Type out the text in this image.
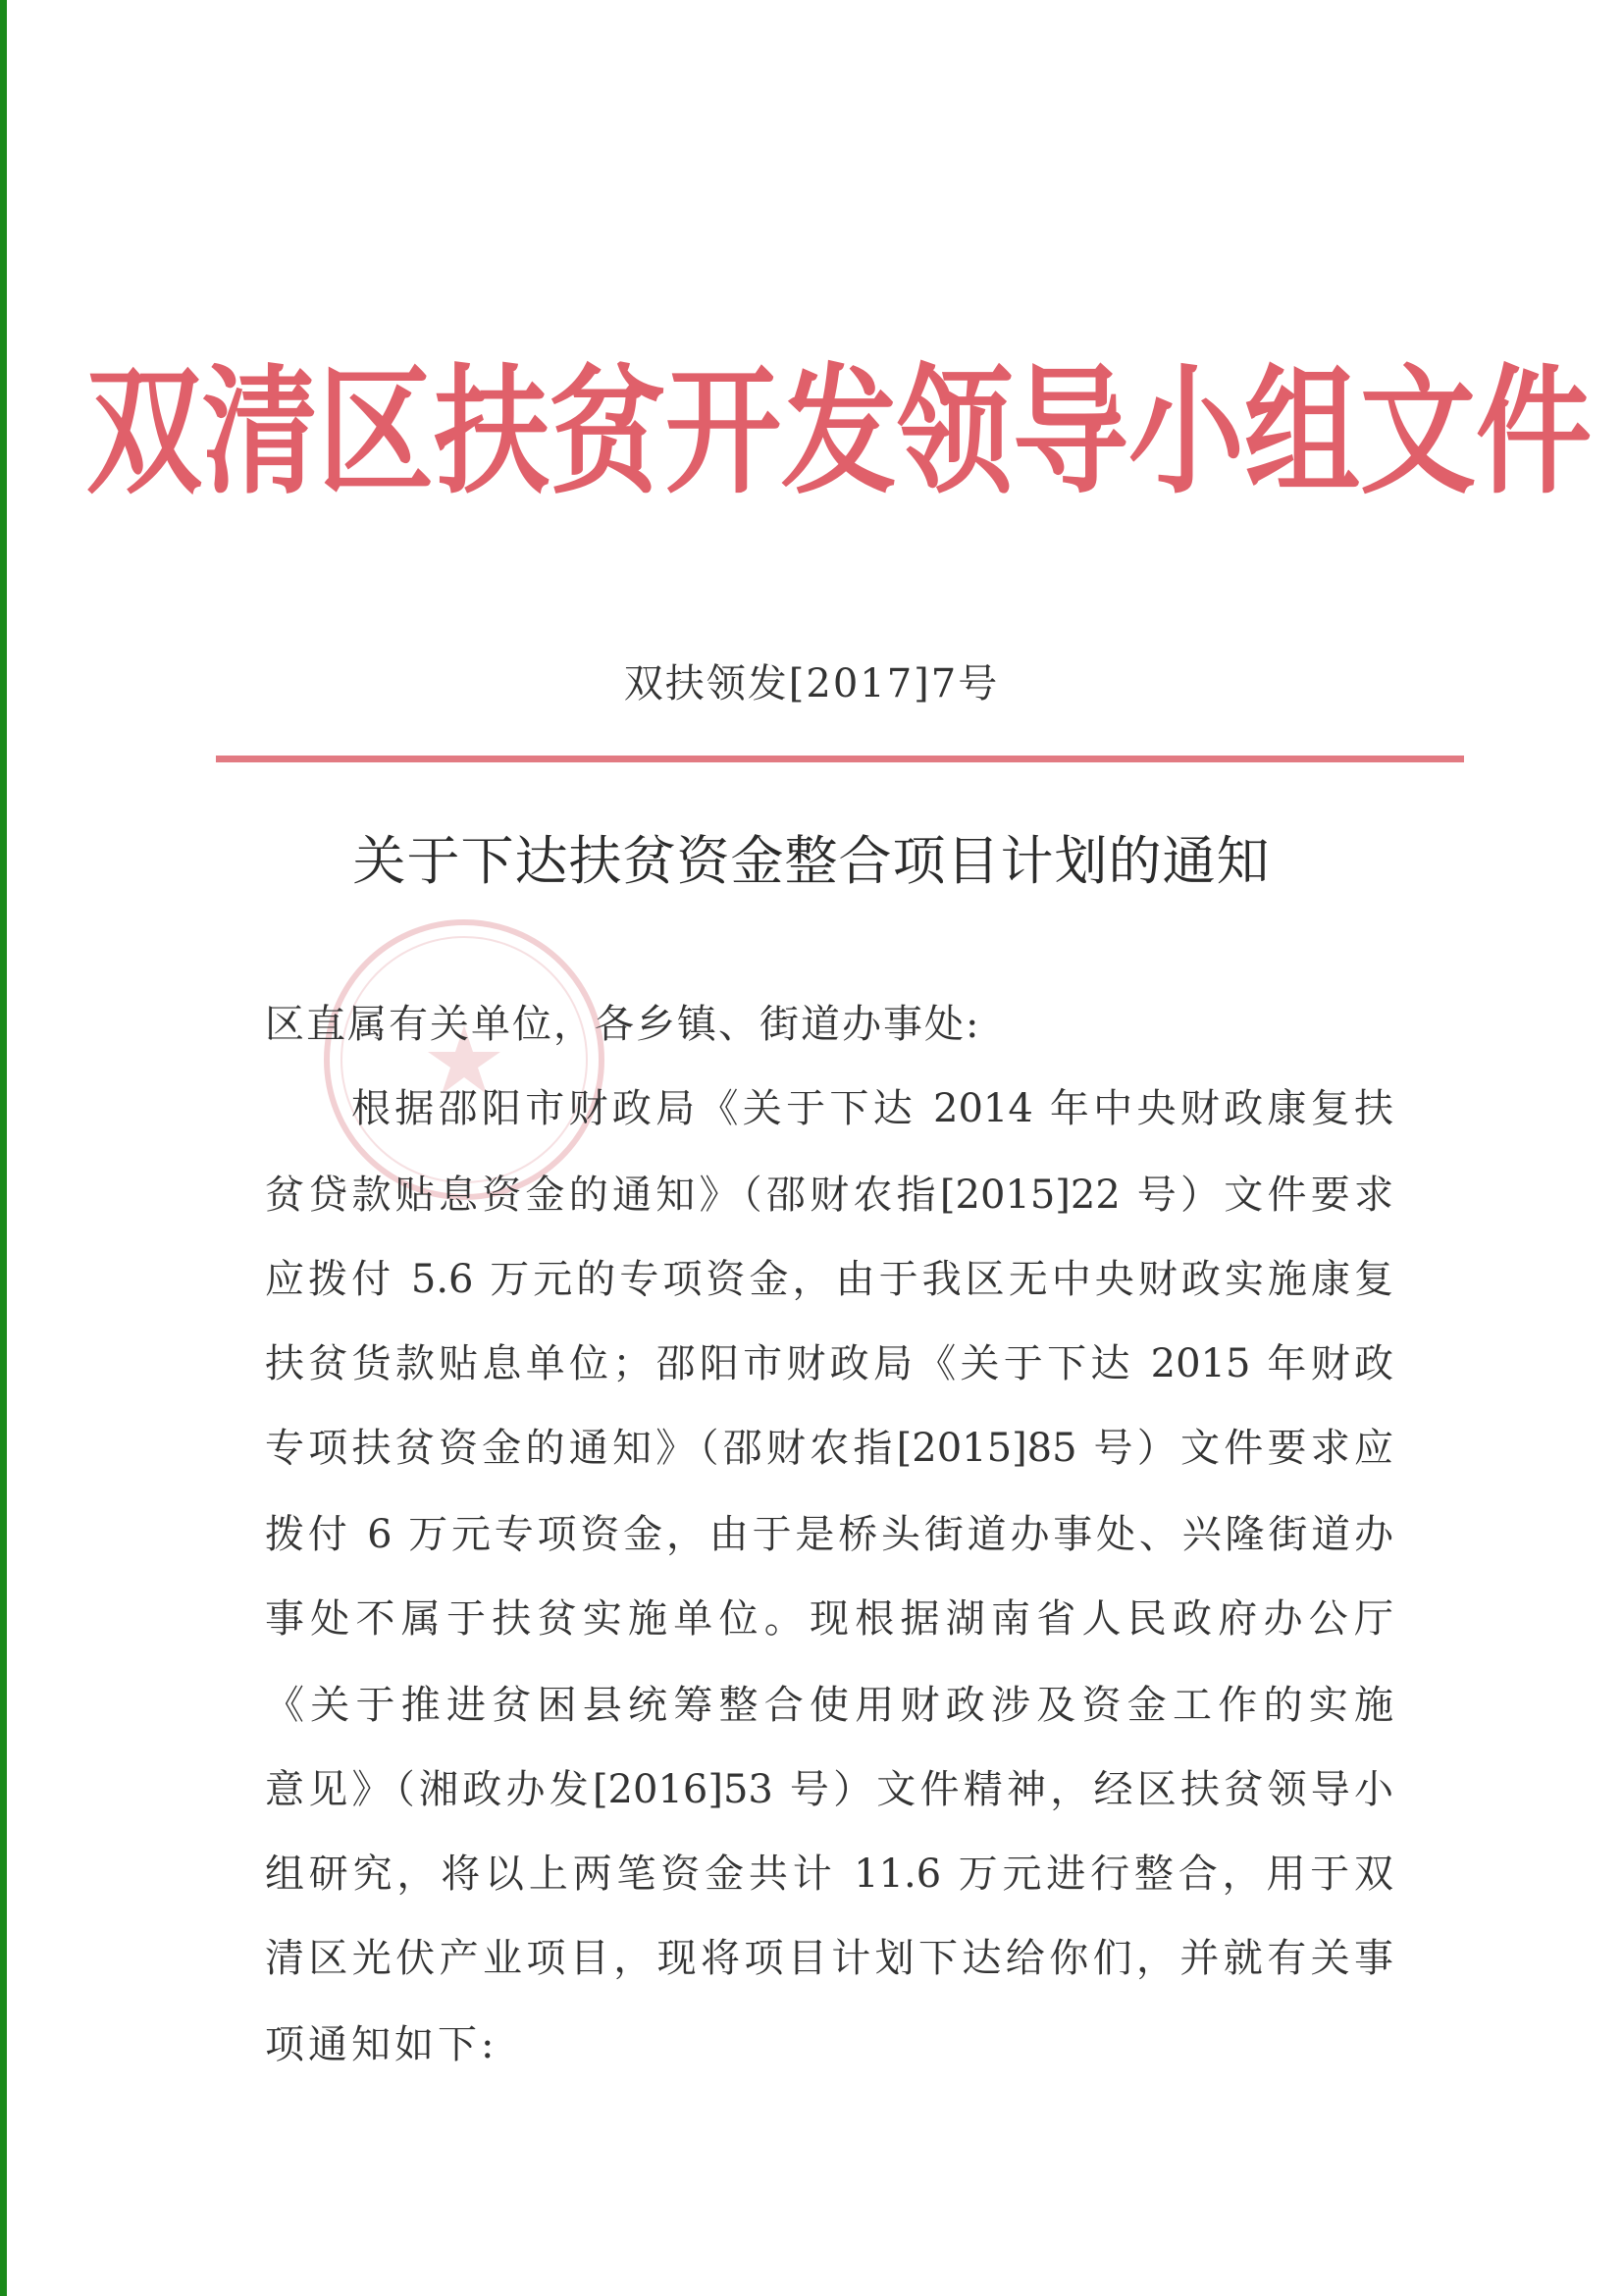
双清区扶贫开发领导小组文件
双扶领发[2017]7号
关于下达扶贫资金整合项目计划的通知
区直属有关单位，各乡镇、街道办事处:
根据邵阳市财政局《关于下达 2014 年中央财政康复扶
贫贷款贴息资金的通知》（邵财农指[2015]22 号）文件要求
应拨付 5.6 万元的专项资金，由于我区无中央财政实施康复
扶贫货款贴息单位；邵阳市财政局《关于下达 2015 年财政
专项扶贫资金的通知》（邵财农指[2015]85 号）文件要求应
拨付 6 万元专项资金，由于是桥头街道办事处、兴隆街道办
事处不属于扶贫实施单位。现根据湖南省人民政府办公厅
《关于推进贫困县统筹整合使用财政涉及资金工作的实施
意见》（湘政办发[2016]53 号）文件精神，经区扶贫领导小
组研究，将以上两笔资金共计 11.6 万元进行整合，用于双
清区光伏产业项目，现将项目计划下达给你们，并就有关事
项通知如下:
